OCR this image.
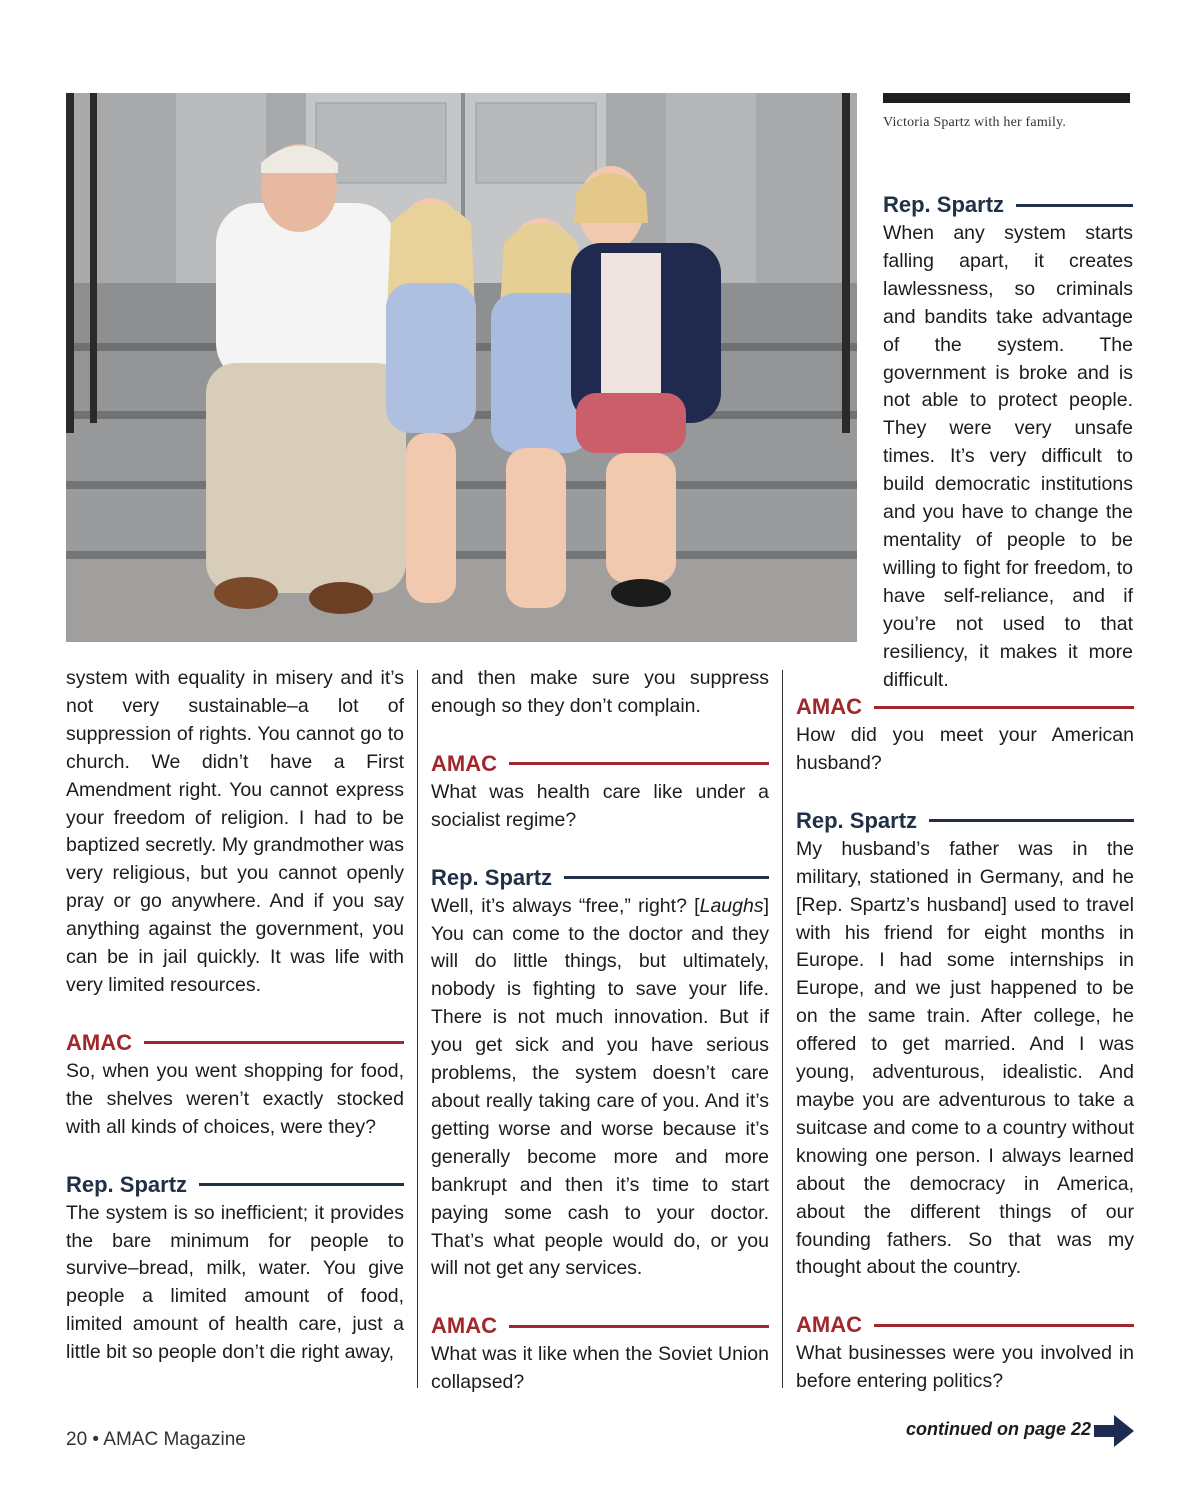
Victoria Spartz with her family.
Rep. Spartz

When any system starts falling apart, it creates lawlessness, so criminals and bandits take advantage of the system. The government is broke and is not able to protect people. They were very unsafe times. It’s very difficult to build democratic institutions and you have to change the mentality of people to be willing to fight for freedom, to have self-reliance, and if you’re not used to that resiliency, it makes it more difficult.

system with equality in misery and it’s not very sustainable–a lot of suppression of rights. You cannot go to church. We didn’t have a First Amendment right. You cannot express your freedom of religion. I had to be baptized secretly. My grandmother was very religious, but you cannot openly pray or go anywhere. And if you say anything against the government, you can be in jail quickly. It was life with very limited resources.

AMAC

So, when you went shopping for food, the shelves weren’t exactly stocked with all kinds of choices, were they?

Rep. Spartz

The system is so inefficient; it provides the bare minimum for people to survive–bread, milk, water. You give people a limited amount of food, limited amount of health care, just a little bit so people don’t die right away,

and then make sure you suppress enough so they don’t complain.

AMAC

What was health care like under a socialist regime?

Rep. Spartz

Well, it’s always “free,” right? [Laughs] You can come to the doctor and they will do little things, but ultimately, nobody is fighting to save your life. There is not much innovation. But if you get sick and you have serious problems, the system doesn’t care about really taking care of you. And it’s getting worse and worse because it’s generally become more and more bankrupt and then it’s time to start paying some cash to your doctor. That’s what people would do, or you will not get any services.

AMAC

What was it like when the Soviet Union collapsed?

AMAC

How did you meet your American husband?

Rep. Spartz

My husband’s father was in the military, stationed in Germany, and he [Rep. Spartz’s husband] used to travel with his friend for eight months in Europe. I had some internships in Europe, and we just happened to be on the same train. After college, he offered to get married. And I was young, adventurous, idealistic. And maybe you are adventurous to take a suitcase and come to a country without knowing one person. I always learned about the democracy in America, about the different things of our founding fathers. So that was my thought about the country.

AMAC

What businesses were you involved in before entering politics?

20 • AMAC Magazine	continued on page 22
